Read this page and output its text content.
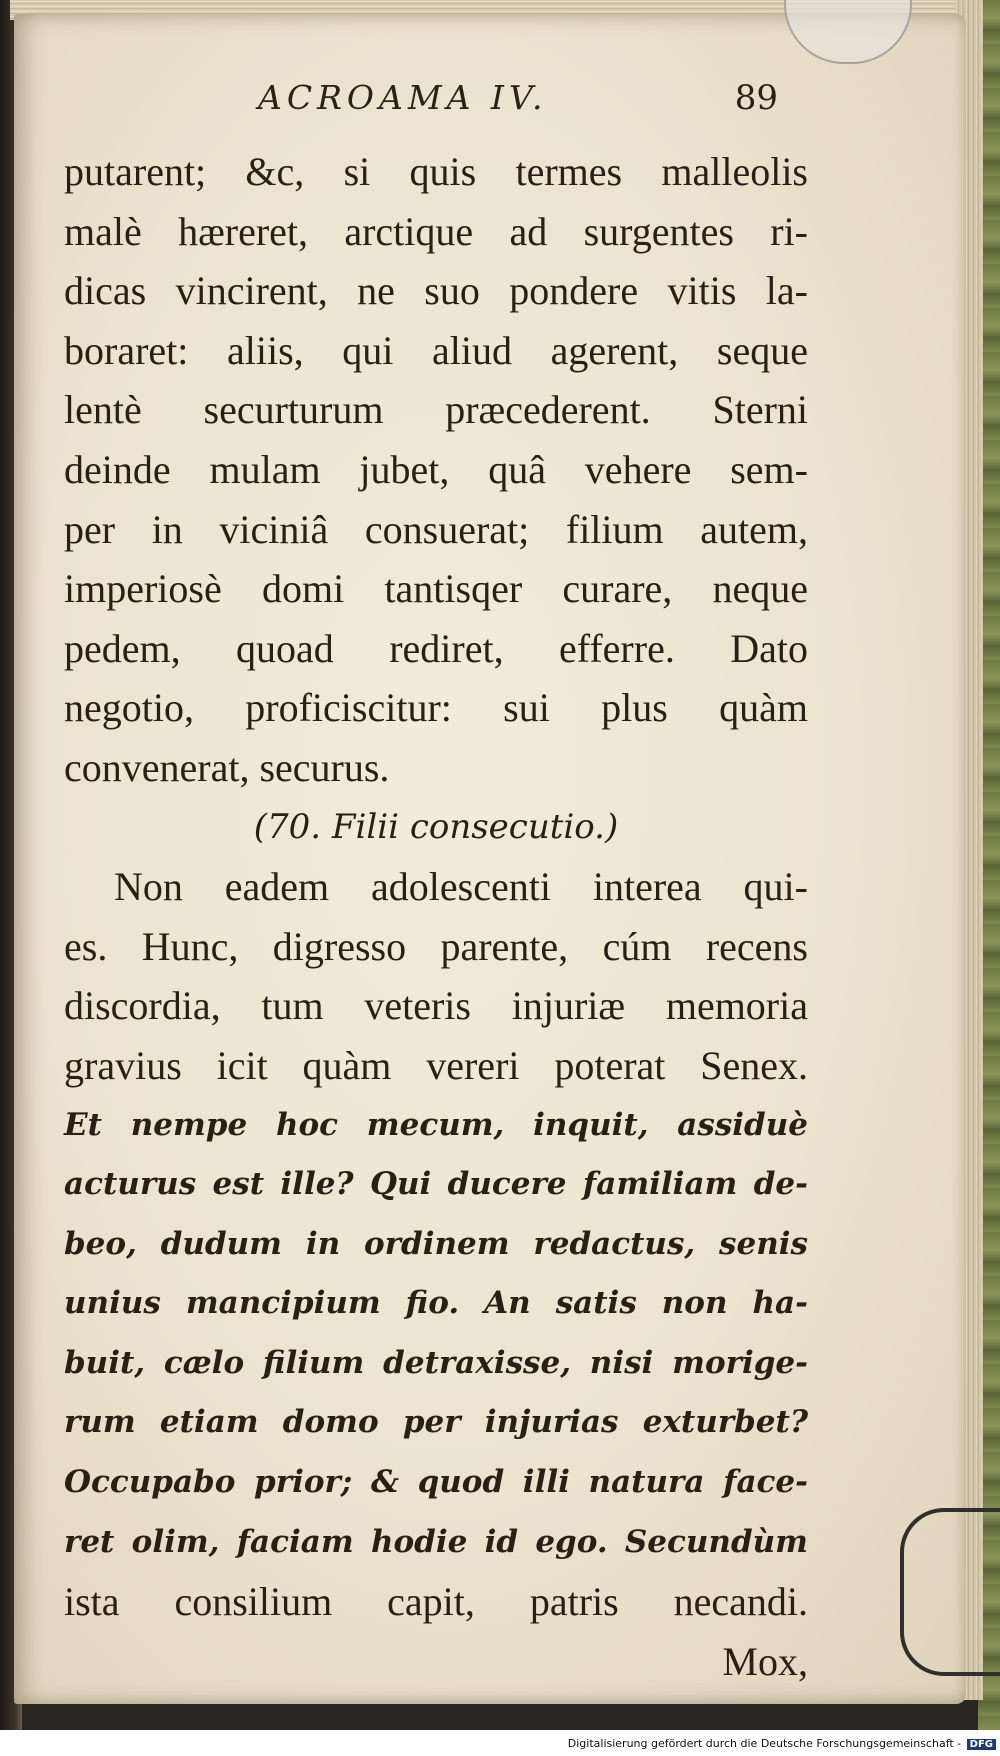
ACROAMA IV.	89
putarent; &c, si quis termes malleolis
malè hæreret, arctique ad surgentes ri-
dicas vincirent, ne suo pondere vitis la-
boraret: aliis, qui aliud agerent, seque
lentè securturum præcederent. Sterni
deinde mulam jubet, quâ vehere sem-
per in viciniâ consuerat; filium autem,
imperiosè domi tantisqer curare, neque
pedem, quoad rediret, efferre. Dato
negotio, proficiscitur: sui plus quàm
convenerat, securus.
(70. Filii consecutio.)
Non eadem adolescenti interea qui-
es. Hunc, digresso parente, cúm recens
discordia, tum veteris injuriæ memoria
gravius icit quàm vereri poterat Senex.
Et nempe hoc mecum, inquit, assiduè
acturus est ille? Qui ducere familiam de-
beo, dudum in ordinem redactus, senis
unius mancipium fio. An satis non ha-
buit, cælo filium detraxisse, nisi morige-
rum etiam domo per injurias exturbet?
Occupabo prior; & quod illi natura face-
ret olim, faciam hodie id ego. Secundùm
ista consilium capit, patris necandi.
Mox,
Digitalisierung gefördert durch die Deutsche Forschungsgemeinschaft - DFG
